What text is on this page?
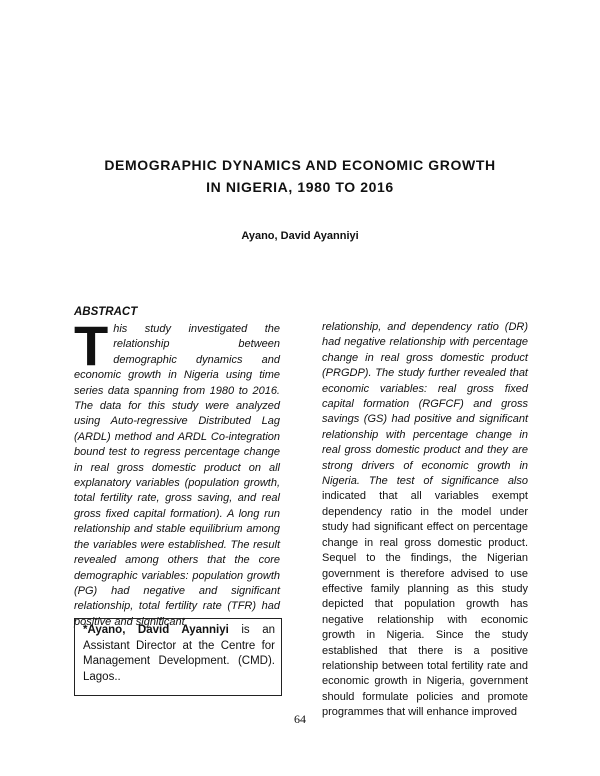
DEMOGRAPHIC DYNAMICS AND ECONOMIC GROWTH
IN NIGERIA, 1980 TO 2016

Ayano, David Ayanniyi

ABSTRACT

This study investigated the relationship between demographic dynamics and economic growth in Nigeria using time series data spanning from 1980 to 2016. The data for this study were analyzed using Auto-regressive Distributed Lag (ARDL) method and ARDL Co-integration bound test to regress percentage change in real gross domestic product on all explanatory variables (population growth, total fertility rate, gross saving, and real gross fixed capital formation). A long run relationship and stable equilibrium among the variables were established. The result revealed among others that the core demographic variables: population growth (PG) had negative and significant relationship, total fertility rate (TFR) had positive and significant

relationship, and dependency ratio (DR) had negative relationship with percentage change in real gross domestic product (PRGDP). The study further revealed that economic variables: real gross fixed capital formation (RGFCF) and gross savings (GS) had positive and significant relationship with percentage change in real gross domestic product and they are strong drivers of economic growth in Nigeria. The test of significance also indicated that all variables exempt dependency ratio in the model under study had significant effect on percentage change in real gross domestic product. Sequel to the findings, the Nigerian government is therefore advised to use effective family planning as this study depicted that population growth has negative relationship with economic growth in Nigeria. Since the study established that there is a positive relationship between total fertility rate and economic growth in Nigeria, government should formulate policies and promote programmes that will enhance improved

*Ayano, David Ayanniyi is an Assistant Director at the Centre for Management Development. (CMD). Lagos..
64
